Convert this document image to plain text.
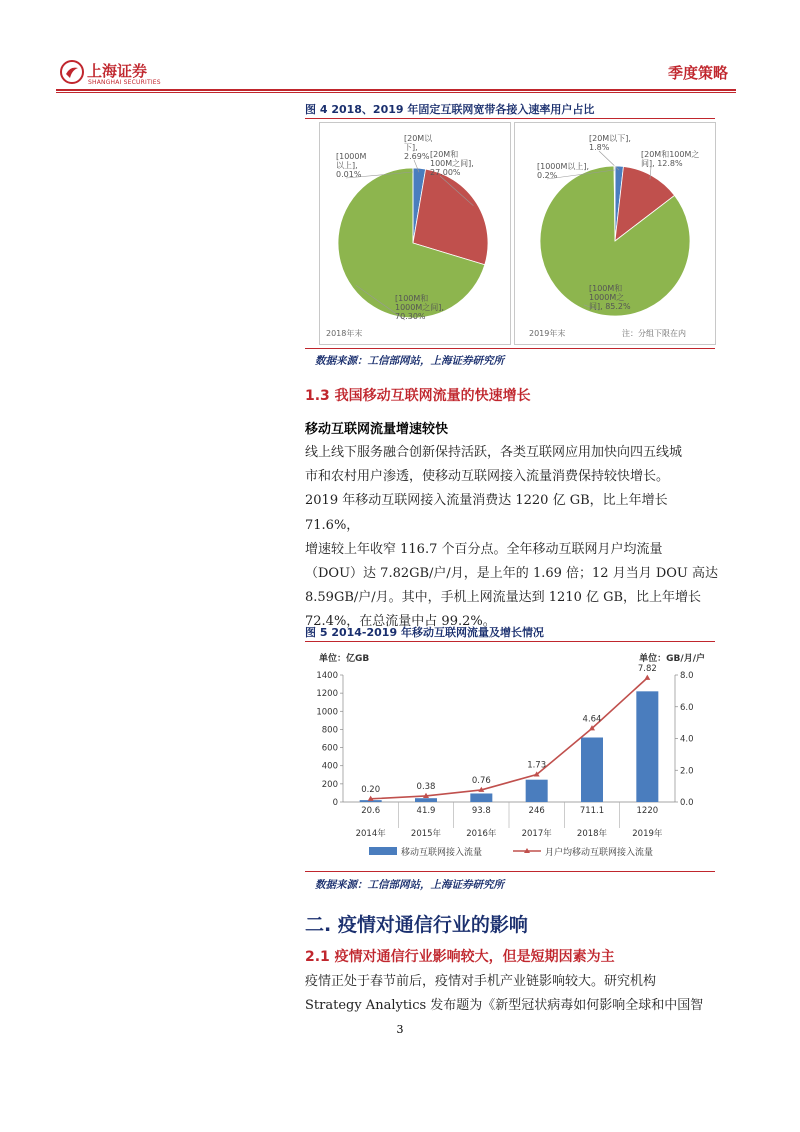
上海证券
SHANGHAI SECURITIES
季度策略
图 4 2018、2019 年固定互联网宽带各接入速率用户占比
[20M以下], 2.69% [20M和 100M之间], 27.00%
[100M和 1000M之间], 70.30%
[1000M 以上], 0.01%
2018年末
[20M以下], 1.8%
[20M和100M之间], 12.8%
[100M和 1000M之间], 85.2%
[1000M以上], 0.2%
2019年末	注：分组下限在内
数据来源：工信部网站，上海证券研究所
1.3 我国移动互联网流量的快速增长
移动互联网流量增速较快
线上线下服务融合创新保持活跃，各类互联网应用加快向四五线城
市和农村用户渗透，使移动互联网接入流量消费保持较快增长。
2019 年移动互联网接入流量消费达 1220 亿 GB，比上年增长 71.6%，
增速较上年收窄 116.7 个百分点。全年移动互联网月户均流量
（DOU）达 7.82GB/户/月，是上年的 1.69 倍；12 月当月 DOU 高达
8.59GB/户/月。其中，手机上网流量达到 1210 亿 GB，比上年增长
72.4%，在总流量中占 99.2%。
图 5 2014-2019 年移动互联网流量及增长情况
单位：亿GB	单位：GB/月/户
0
200
400
600
800
1000
1200
1400
0.0
2.0
4.0
6.0
8.0
20.6
2014年
41.9
2015年
93.8
2016年
246
2017年
711.1
2018年
1220
2019年
0.20	0.38
0.76
1.73
4.64
7.82
移动互联网接入流量	月户均移动互联网接入流量
数据来源：工信部网站，上海证券研究所
二. 疫情对通信行业的影响
2.1 疫情对通信行业影响较大，但是短期因素为主
疫情正处于春节前后，疫情对手机产业链影响较大。研究机构
Strategy Analytics 发布题为《新型冠状病毒如何影响全球和中国智
3
